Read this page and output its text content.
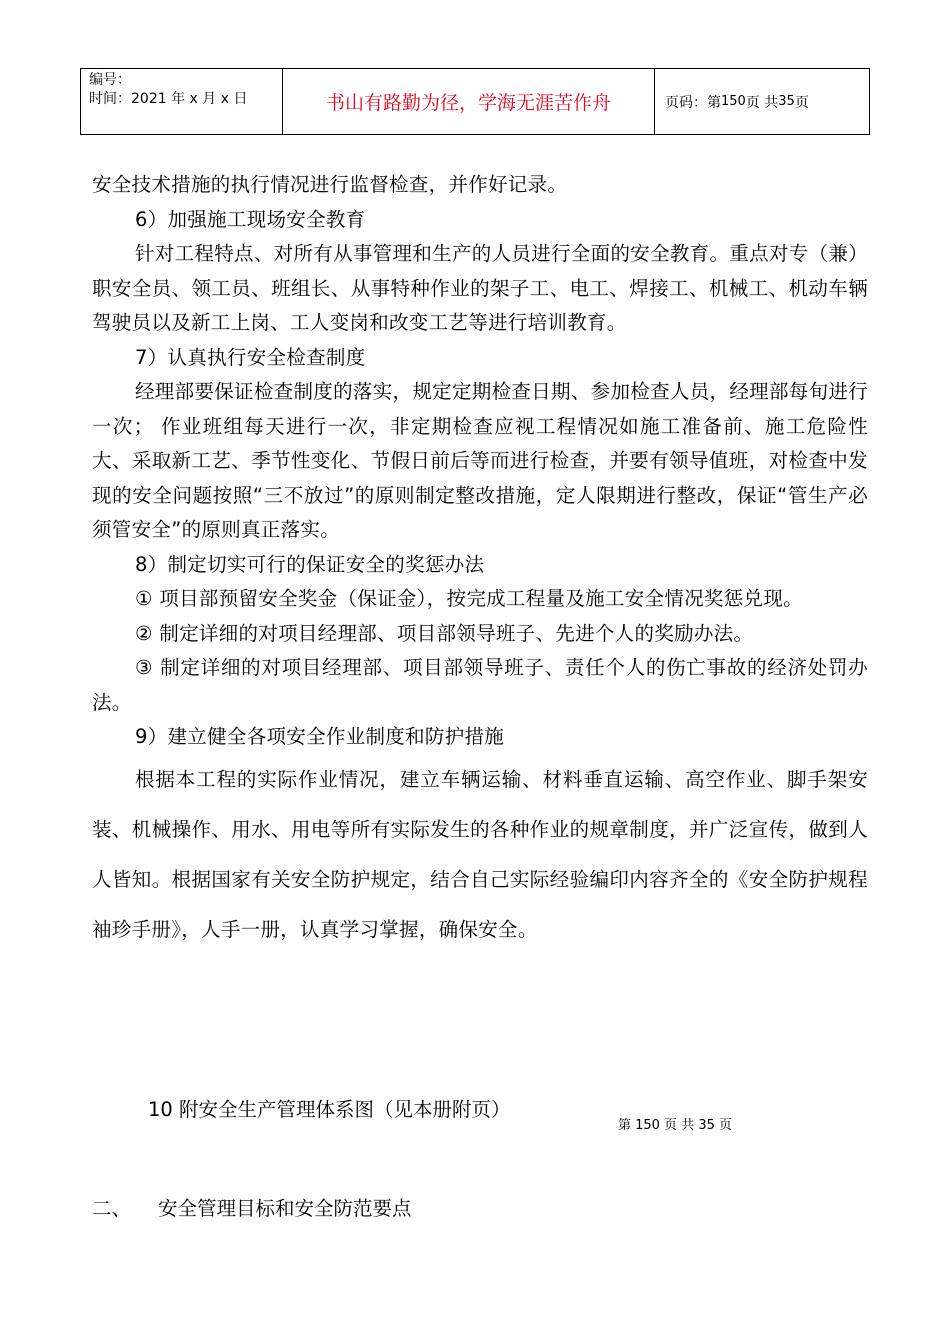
编号：
时间：2021 年 x 月 x 日	书山有路勤为径，学海无涯苦作舟	页码：第 150 页 共 35 页

安全技术措施的执行情况进行监督检查，并作好记录。

6）加强施工现场安全教育

针对工程特点、对所有从事管理和生产的人员进行全面的安全教育。重点对专（兼）职安全员、领工员、班组长、从事特种作业的架子工、电工、焊接工、机械工、机动车辆驾驶员以及新工上岗、工人变岗和改变工艺等进行培训教育。

7）认真执行安全检查制度

经理部要保证检查制度的落实，规定定期检查日期、参加检查人员，经理部每旬进行一次； 作业班组每天进行一次，非定期检查应视工程情况如施工准备前、施工危险性大、采取新工艺、季节性变化、节假日前后等而进行检查，并要有领导值班，对检查中发现的安全问题按照“三不放过”的原则制定整改措施，定人限期进行整改，保证“管生产必须管安全”的原则真正落实。

8）制定切实可行的保证安全的奖惩办法

① 项目部预留安全奖金（保证金），按完成工程量及施工安全情况奖惩兑现。

② 制定详细的对项目经理部、项目部领导班子、先进个人的奖励办法。

③ 制定详细的对项目经理部、项目部领导班子、责任个人的伤亡事故的经济处罚办法。

9）建立健全各项安全作业制度和防护措施

根据本工程的实际作业情况，建立车辆运输、材料垂直运输、高空作业、脚手架安装、机械操作、用水、用电等所有实际发生的各种作业的规章制度，并广泛宣传，做到人人皆知。根据国家有关安全防护规定，结合自己实际经验编印内容齐全的《安全防护规程袖珍手册》，人手一册，认真学习掌握，确保安全。

10 附安全生产管理体系图（见本册附页）
第 150 页 共 35 页
二、	安全管理目标和安全防范要点
